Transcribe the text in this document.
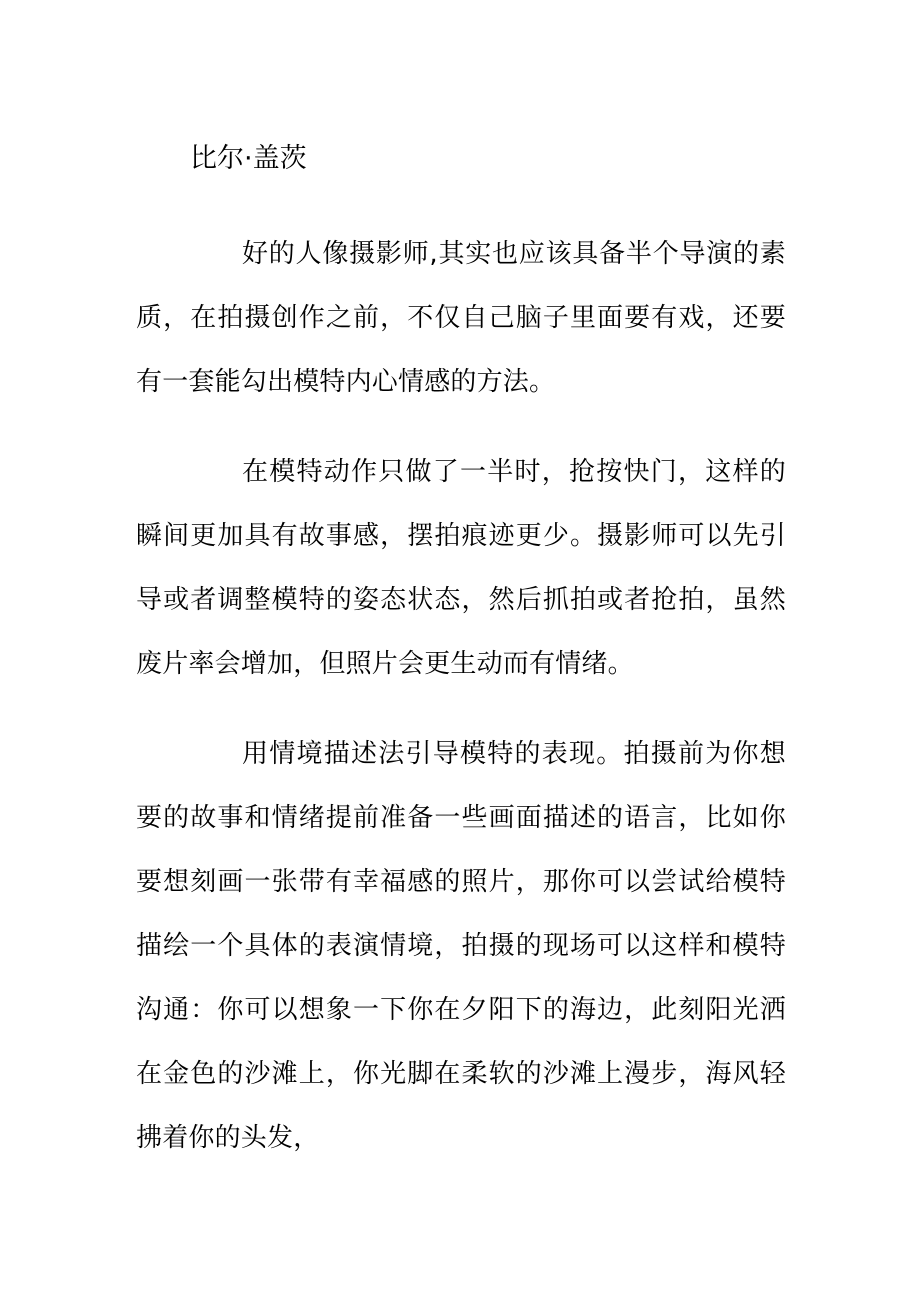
比尔·盖茨

好的人像摄影师,其实也应该具备半个导演的素质，在拍摄创作之前，不仅自己脑子里面要有戏，还要有一套能勾出模特内心情感的方法。

在模特动作只做了一半时，抢按快门，这样的瞬间更加具有故事感，摆拍痕迹更少。摄影师可以先引导或者调整模特的姿态状态，然后抓拍或者抢拍，虽然废片率会增加，但照片会更生动而有情绪。

用情境描述法引导模特的表现。拍摄前为你想要的故事和情绪提前准备一些画面描述的语言，比如你要想刻画一张带有幸福感的照片，那你可以尝试给模特描绘一个具体的表演情境，拍摄的现场可以这样和模特沟通：你可以想象一下你在夕阳下的海边，此刻阳光洒在金色的沙滩上，你光脚在柔软的沙滩上漫步，海风轻拂着你的头发，
